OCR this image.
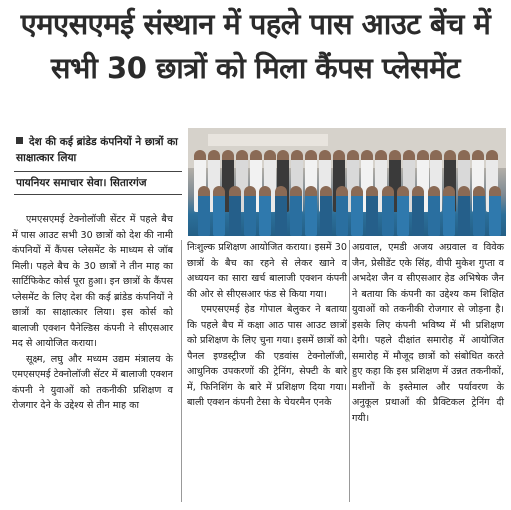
एमएसएमई संस्थान में पहले पास आउट बेंच में सभी 30 छात्रों को मिला कैंपस प्लेसमेंट
देश की कई ब्रांडेड कंपनियों ने छात्रों का साक्षात्कार लिया
पायनियर समाचार सेवा। सितारगंज

एमएसएमई टेक्नोलॉजी सेंटर में पहले बैच में पास आउट सभी 30 छात्रों को देश की नामी कंपनियों में कैंपस प्लेसमेंट के माध्यम से जॉब मिली। पहले बैच के 30 छात्रों ने तीन माह का सार्टिफिकेट कोर्स पूरा हुआ। इन छात्रों के कैंपस प्लेसमेंट के लिए देश की कई ब्रांडेड कंपनियों ने छात्रों का साक्षात्कार लिया। इस कोर्स को बालाजी एक्शन पैनेल्डिस कंपनी ने सीएसआर मद से आयोजित कराया।

सूक्ष्म, लघु और मध्यम उद्यम मंत्रालय के एमएसएमई टेक्नोलॉजी सेंटर में बालाजी एक्शन कंपनी ने युवाओं को तकनीकी प्रशिक्षण व रोजगार देने के उद्देश्य से तीन माह का

निःशुल्क प्रशिक्षण आयोजित कराया। इसमें 30 छात्रों के बैच का रहने से लेकर खाने व अध्ययन का सारा खर्च बालाजी एक्शन कंपनी की ओर से सीएसआर फंड से किया गया।

एमएसएमई हेड गोपाल बेलुकर ने बताया कि पहले बैच में कक्षा आठ पास आउट छात्रों को प्रशिक्षण के लिए चुना गया। इसमें छात्रों को पैनल इण्डस्ट्रीज की एडवांस टेक्नोलॉजी, आधुनिक उपकरणों की ट्रेनिंग, सेफ्टी के बारे में, फिनिशिंग के बारे में प्रशिक्षण दिया गया। बाली एक्शन कंपनी टेसा के चेयरमैन एनके

अग्रवाल, एमडी अजय अग्रवाल व विवेक जैन, प्रेसीडेंट एके सिंह, वीपी मुकेश गुप्ता व अभदेश जैन व सीएसआर हेड अभिषेक जैन ने बताया कि कंपनी का उद्देश्य कम शिक्षित युवाओं को तकनीकी रोजगार से जोड़ना है। इसके लिए कंपनी भविष्य में भी प्रशिक्षण देगी। पहले दीक्षांत समारोह में आयोजित समारोह में मौजूद छात्रों को संबोधित करते हुए कहा कि इस प्रशिक्षण में उन्नत तकनीकों, मशीनों के इस्तेमाल और पर्यावरण के अनुकूल प्रथाओं की प्रैक्टिकल ट्रेनिंग दी गयी।
